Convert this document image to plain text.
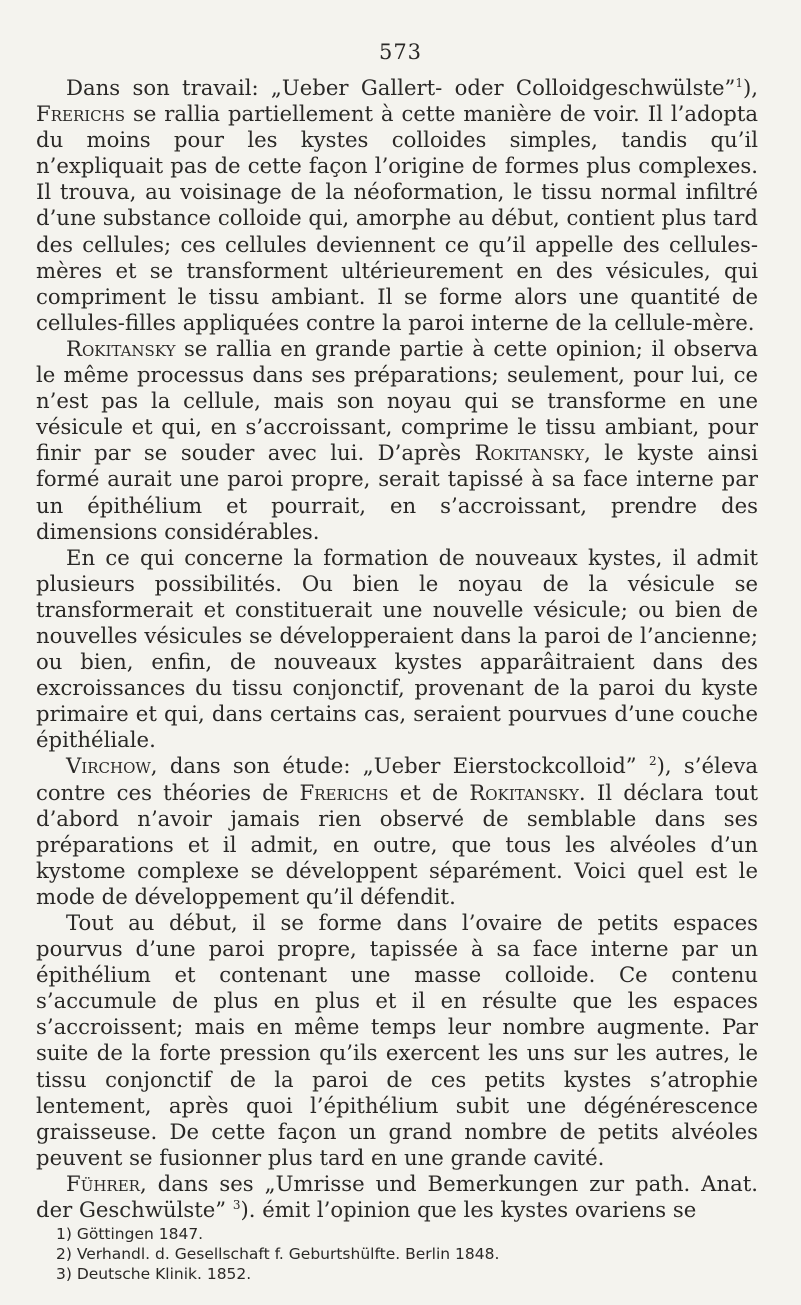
573

Dans son travail: „Ueber Gallert- oder Colloidgeschwülste”$^1$), Frerichs se rallia partiellement à cette manière de voir. Il l’adopta du moins pour les kystes colloides simples, tandis qu’il n’expliquait pas de cette façon l’origine de formes plus complexes. Il trouva, au voisinage de la néoformation, le tissu normal infiltré d’une substance colloide qui, amorphe au début, contient plus tard des cellules; ces cellules deviennent ce qu’il appelle des cellules-mères et se transforment ultérieurement en des vésicules, qui compriment le tissu ambiant. Il se forme alors une quantité de cellules-filles appliquées contre la paroi interne de la cellule-mère.

Rokitansky se rallia en grande partie à cette opinion; il observa le même processus dans ses préparations; seulement, pour lui, ce n’est pas la cellule, mais son noyau qui se transforme en une vésicule et qui, en s’accroissant, comprime le tissu ambiant, pour finir par se souder avec lui. D’après Rokitansky, le kyste ainsi formé aurait une paroi propre, serait tapissé à sa face interne par un épithélium et pourrait, en s’accroissant, prendre des dimensions considérables.

En ce qui concerne la formation de nouveaux kystes, il admit plusieurs possibilités. Ou bien le noyau de la vésicule se transformerait et constituerait une nouvelle vésicule; ou bien de nouvelles vésicules se développeraient dans la paroi de l’ancienne; ou bien, enfin, de nouveaux kystes apparâitraient dans des excroissances du tissu conjonctif, provenant de la paroi du kyste primaire et qui, dans certains cas, seraient pourvues d’une couche épithéliale.

Virchow, dans son étude: „Ueber Eierstockcolloid” $^2$), s’éleva contre ces théories de Frerichs et de Rokitansky. Il déclara tout d’abord n’avoir jamais rien observé de semblable dans ses préparations et il admit, en outre, que tous les alvéoles d’un kystome complexe se développent séparément. Voici quel est le mode de développement qu’il défendit.

Tout au début, il se forme dans l’ovaire de petits espaces pourvus d’une paroi propre, tapissée à sa face interne par un épithélium et contenant une masse colloide. Ce contenu s’accumule de plus en plus et il en résulte que les espaces s’accroissent; mais en même temps leur nombre augmente. Par suite de la forte pression qu’ils exercent les uns sur les autres, le tissu conjonctif de la paroi de ces petits kystes s’atrophie lentement, après quoi l’épithélium subit une dégénérescence graisseuse. De cette façon un grand nombre de petits alvéoles peuvent se fusionner plus tard en une grande cavité.

Führer, dans ses „Umrisse und Bemerkungen zur path. Anat. der Geschwülste” $^3$). émit l’opinion que les kystes ovariens se

1) Göttingen 1847.
2) Verhandl. d. Gesellschaft f. Geburtshülfte. Berlin 1848.
3) Deutsche Klinik. 1852.
